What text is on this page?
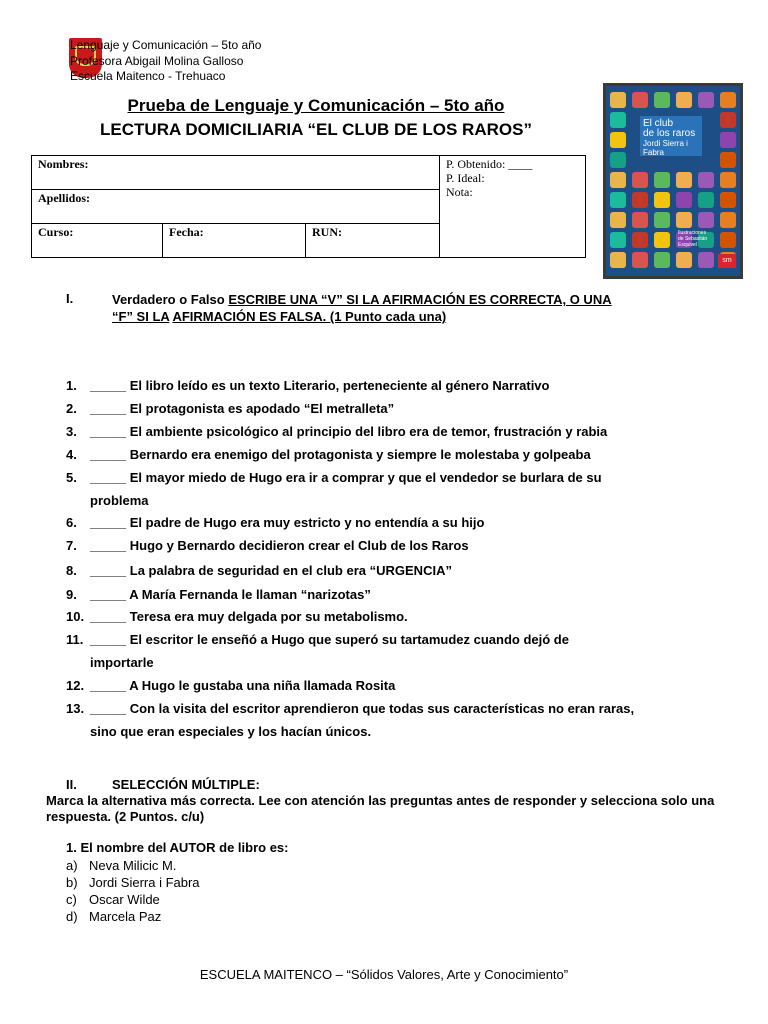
Lenguaje y Comunicación – 5to año
Profesora Abigail Molina Galloso
Escuela Maitenco - Trehuaco
Prueba de Lenguaje y Comunicación – 5to año
LECTURA DOMICILIARIA “EL CLUB DE LOS RAROS”
Nombres:			P. Obtenido: ____
P. Ideal:
Nota:

Apellidos:			
Curso:	Fecha:	RUN:	
El club
de los raros
Jordi Sierra i Fabra
Ilustraciones
de Sebastián Esquivel
sm
I.	Verdadero o Falso ESCRIBE UNA “V” SI LA AFIRMACIÓN ES CORRECTA, O UNA “F” SI LA AFIRMACIÓN ES FALSA. (1 Punto cada una)
1. _____ El libro leído es un texto Literario, perteneciente al género Narrativo
2. _____ El protagonista es apodado “El metralleta”
3. _____ El ambiente psicológico al principio del libro era de temor, frustración y rabia
4. _____ Bernardo era enemigo del protagonista y siempre le molestaba y golpeaba
5. _____ El mayor miedo de Hugo era ir a comprar y que el vendedor se burlara de su
problema
6. _____ El padre de Hugo era muy estricto y no entendía a su hijo
7. _____ Hugo y Bernardo decidieron crear el Club de los Raros
8. _____ La palabra de seguridad en el club era “URGENCIA”
9. _____ A María Fernanda le llaman “narizotas”
10. _____ Teresa era muy delgada por su metabolismo.
11. _____ El escritor le enseñó a Hugo que superó su tartamudez cuando dejó de
importarle
12. _____ A Hugo le gustaba una niña llamada Rosita
13. _____ Con la visita del escritor aprendieron que todas sus características no eran raras,
sino que eran especiales y los hacían únicos.
II.	SELECCIÓN MÚLTIPLE:
Marca la alternativa más correcta. Lee con atención las preguntas antes de responder y selecciona solo una respuesta. (2 Puntos. c/u)
1. El nombre del AUTOR de libro es:
a) Neva Milicic M.
b) Jordi Sierra i Fabra
c) Oscar Wilde
d) Marcela Paz
ESCUELA MAITENCO – “Sólidos Valores, Arte y Conocimiento”
